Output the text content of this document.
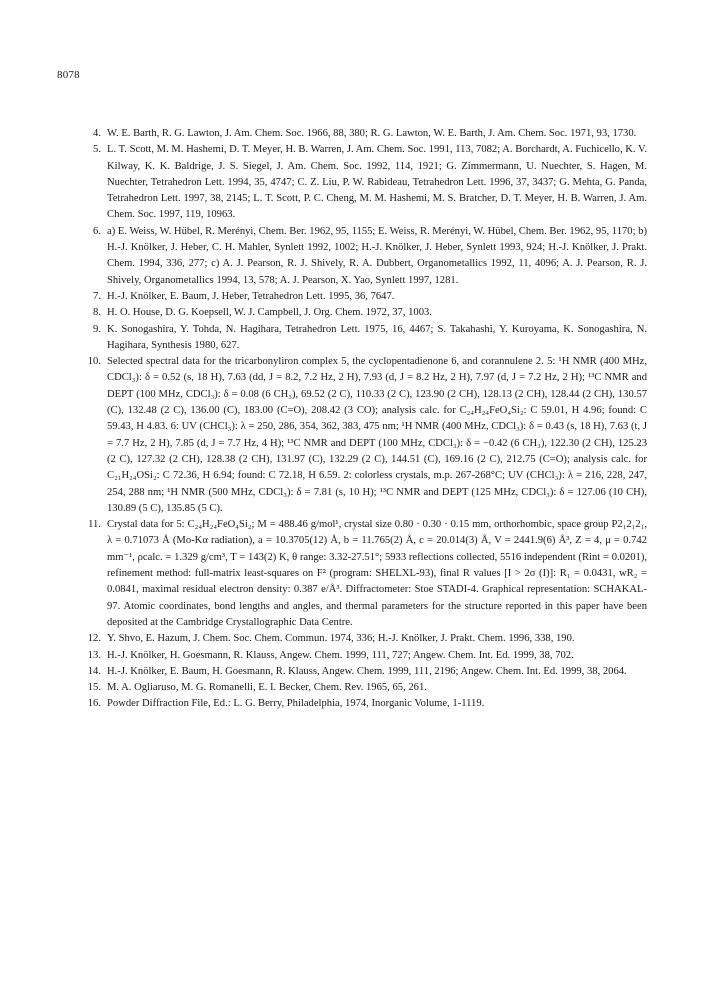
8078
4. W. E. Barth, R. G. Lawton, J. Am. Chem. Soc. 1966, 88, 380; R. G. Lawton, W. E. Barth, J. Am. Chem. Soc. 1971, 93, 1730.
5. L. T. Scott, M. M. Hashemi, D. T. Meyer, H. B. Warren, J. Am. Chem. Soc. 1991, 113, 7082; A. Borchardt, A. Fuchicello, K. V. Kilway, K. K. Baldrige, J. S. Siegel, J. Am. Chem. Soc. 1992, 114, 1921; G. Zimmermann, U. Nuechter, S. Hagen, M. Nuechter, Tetrahedron Lett. 1994, 35, 4747; C. Z. Liu, P. W. Rabideau, Tetrahedron Lett. 1996, 37, 3437; G. Mehta, G. Panda, Tetrahedron Lett. 1997, 38, 2145; L. T. Scott, P. C. Cheng, M. M. Hashemi, M. S. Bratcher, D. T. Meyer, H. B. Warren, J. Am. Chem. Soc. 1997, 119, 10963.
6. a) E. Weiss, W. Hübel, R. Merényi, Chem. Ber. 1962, 95, 1155; E. Weiss, R. Merényi, W. Hübel, Chem. Ber. 1962, 95, 1170; b) H.-J. Knölker, J. Heber, C. H. Mahler, Synlett 1992, 1002; H.-J. Knölker, J. Heber, Synlett 1993, 924; H.-J. Knölker, J. Prakt. Chem. 1994, 336, 277; c) A. J. Pearson, R. J. Shively, R. A. Dubbert, Organometallics 1992, 11, 4096; A. J. Pearson, R. J. Shively, Organometallics 1994, 13, 578; A. J. Pearson, X. Yao, Synlett 1997, 1281.
7. H.-J. Knölker, E. Baum, J. Heber, Tetrahedron Lett. 1995, 36, 7647.
8. H. O. House, D. G. Koepsell, W. J. Campbell, J. Org. Chem. 1972, 37, 1003.
9. K. Sonogashira, Y. Tohda, N. Hagihara, Tetrahedron Lett. 1975, 16, 4467; S. Takahashi, Y. Kuroyama, K. Sonogashira, N. Hagihara, Synthesis 1980, 627.
10. Selected spectral data for the tricarbonyliron complex 5, the cyclopentadienone 6, and corannulene 2. 5: ¹H NMR (400 MHz, CDCl₃): δ = 0.52 (s, 18 H), 7.63 (dd, J = 8.2, 7.2 Hz, 2 H), 7.93 (d, J = 8.2 Hz, 2 H), 7.97 (d, J = 7.2 Hz, 2 H); ¹³C NMR and DEPT (100 MHz, CDCl₃): δ = 0.08 (6 CH₃), 69.52 (2 C), 110.33 (2 C), 123.90 (2 CH), 128.13 (2 CH), 128.44 (2 CH), 130.57 (C), 132.48 (2 C), 136.00 (C), 183.00 (C=O), 208.42 (3 CO); analysis calc. for C₂₄H₂₄FeO₄Si₂: C 59.01, H 4.96; found: C 59.43, H 4.83. 6: UV (CHCl₃): λ = 250, 286, 354, 362, 383, 475 nm; ¹H NMR (400 MHz, CDCl₃): δ = 0.43 (s, 18 H), 7.63 (t, J = 7.7 Hz, 2 H), 7.85 (d, J = 7.7 Hz, 4 H); ¹³C NMR and DEPT (100 MHz, CDCl₃): δ = −0.42 (6 CH₃), 122.30 (2 CH), 125.23 (2 C), 127.32 (2 CH), 128.38 (2 CH), 131.97 (C), 132.29 (2 C), 144.51 (C), 169.16 (2 C), 212.75 (C=O); analysis calc. for C₂₁H₂₄OSi₂: C 72.36, H 6.94; found: C 72.18, H 6.59. 2: colorless crystals, m.p. 267-268°C; UV (CHCl₃): λ = 216, 228, 247, 254, 288 nm; ¹H NMR (500 MHz, CDCl₃): δ = 7.81 (s, 10 H); ¹³C NMR and DEPT (125 MHz, CDCl₃): δ = 127.06 (10 CH), 130.89 (5 C), 135.85 (5 C).
11. Crystal data for 5: C₂₄H₂₄FeO₄Si₂; M = 488.46 g/mol¹, crystal size 0.80 · 0.30 · 0.15 mm, orthorhombic, space group P2₁2₁2₁, λ = 0.71073 Å (Mo-Kα radiation), a = 10.3705(12) Å, b = 11.765(2) Å, c = 20.014(3) Å, V = 2441.9(6) Å³, Z = 4, μ = 0.742 mm⁻¹, ρcalc. = 1.329 g/cm³, T = 143(2) K, θ range: 3.32-27.51°; 5933 reflections collected, 5516 independent (Rint = 0.0201), refinement method: full-matrix least-squares on F² (program: SHELXL-93), final R values [I > 2σ (I)]: R₁ = 0.0431, wR₂ = 0.0841, maximal residual electron density: 0.387 e/Å³. Diffractometer: Stoe STADI-4. Graphical representation: SCHAKAL-97. Atomic coordinates, bond lengths and angles, and thermal parameters for the structure reported in this paper have been deposited at the Cambridge Crystallographic Data Centre.
12. Y. Shvo, E. Hazum, J. Chem. Soc. Chem. Commun. 1974, 336; H.-J. Knölker, J. Prakt. Chem. 1996, 338, 190.
13. H.-J. Knölker, H. Goesmann, R. Klauss, Angew. Chem. 1999, 111, 727; Angew. Chem. Int. Ed. 1999, 38, 702.
14. H.-J. Knölker, E. Baum, H. Goesmann, R. Klauss, Angew. Chem. 1999, 111, 2196; Angew. Chem. Int. Ed. 1999, 38, 2064.
15. M. A. Ogliaruso, M. G. Romanelli, E. I. Becker, Chem. Rev. 1965, 65, 261.
16. Powder Diffraction File, Ed.: L. G. Berry, Philadelphia, 1974, Inorganic Volume, 1-1119.
